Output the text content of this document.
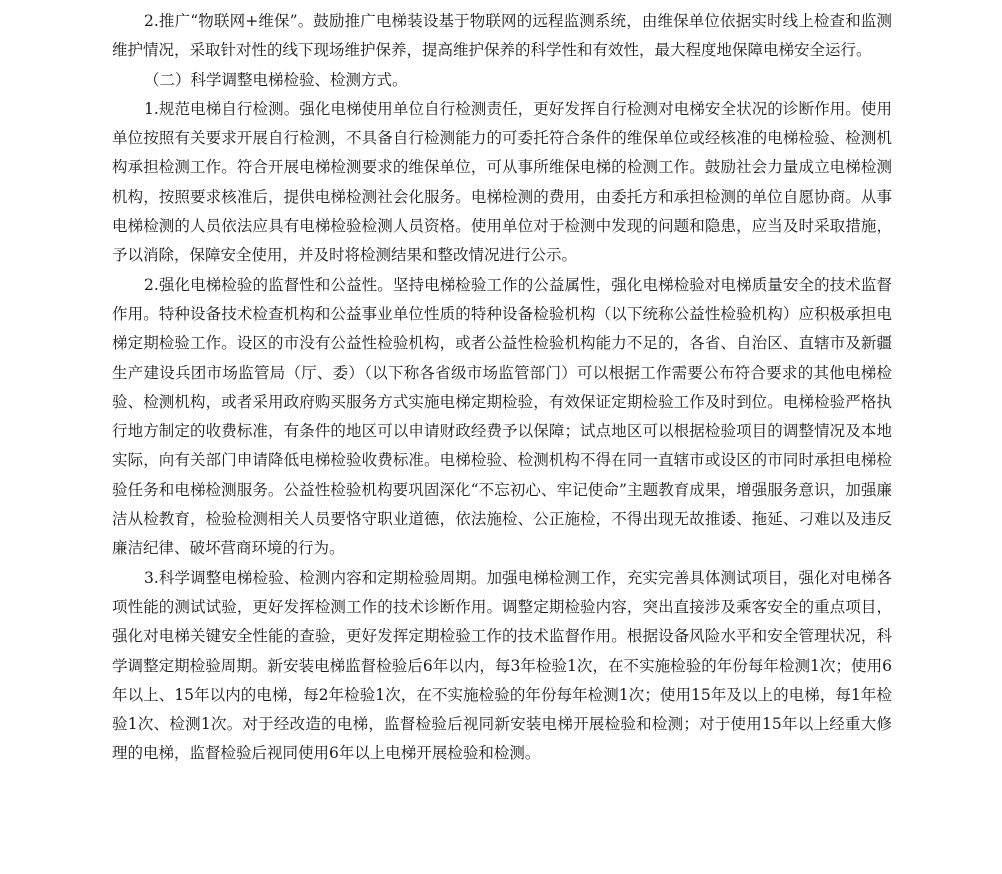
2.推广“物联网+维保”。鼓励推广电梯装设基于物联网的远程监测系统，由维保单位依据实时线上检查和监测维护情况，采取针对性的线下现场维护保养，提高维护保养的科学性和有效性，最大程度地保障电梯安全运行。

（二）科学调整电梯检验、检测方式。

1.规范电梯自行检测。强化电梯使用单位自行检测责任，更好发挥自行检测对电梯安全状况的诊断作用。使用单位按照有关要求开展自行检测，不具备自行检测能力的可委托符合条件的维保单位或经核准的电梯检验、检测机构承担检测工作。符合开展电梯检测要求的维保单位，可从事所维保电梯的检测工作。鼓励社会力量成立电梯检测机构，按照要求核准后，提供电梯检测社会化服务。电梯检测的费用，由委托方和承担检测的单位自愿协商。从事电梯检测的人员依法应具有电梯检验检测人员资格。使用单位对于检测中发现的问题和隐患，应当及时采取措施，予以消除，保障安全使用，并及时将检测结果和整改情况进行公示。

2.强化电梯检验的监督性和公益性。坚持电梯检验工作的公益属性，强化电梯检验对电梯质量安全的技术监督作用。特种设备技术检查机构和公益事业单位性质的特种设备检验机构（以下统称公益性检验机构）应积极承担电梯定期检验工作。设区的市没有公益性检验机构，或者公益性检验机构能力不足的，各省、自治区、直辖市及新疆生产建设兵团市场监管局（厅、委）（以下称各省级市场监管部门）可以根据工作需要公布符合要求的其他电梯检验、检测机构，或者采用政府购买服务方式实施电梯定期检验，有效保证定期检验工作及时到位。电梯检验严格执行地方制定的收费标准，有条件的地区可以申请财政经费予以保障；试点地区可以根据检验项目的调整情况及本地实际，向有关部门申请降低电梯检验收费标准。电梯检验、检测机构不得在同一直辖市或设区的市同时承担电梯检验任务和电梯检测服务。公益性检验机构要巩固深化“不忘初心、牢记使命”主题教育成果，增强服务意识，加强廉洁从检教育，检验检测相关人员要恪守职业道德，依法施检、公正施检，不得出现无故推诿、拖延、刁难以及违反廉洁纪律、破坏营商环境的行为。

3.科学调整电梯检验、检测内容和定期检验周期。加强电梯检测工作，充实完善具体测试项目，强化对电梯各项性能的测试试验，更好发挥检测工作的技术诊断作用。调整定期检验内容，突出直接涉及乘客安全的重点项目，强化对电梯关键安全性能的查验，更好发挥定期检验工作的技术监督作用。根据设备风险水平和安全管理状况，科学调整定期检验周期。新安装电梯监督检验后6年以内，每3年检验1次，在不实施检验的年份每年检测1次；使用6年以上、15年以内的电梯，每2年检验1次，在不实施检验的年份每年检测1次；使用15年及以上的电梯，每1年检验1次、检测1次。对于经改造的电梯，监督检验后视同新安装电梯开展检验和检测；对于使用15年以上经重大修理的电梯，监督检验后视同使用6年以上电梯开展检验和检测。
